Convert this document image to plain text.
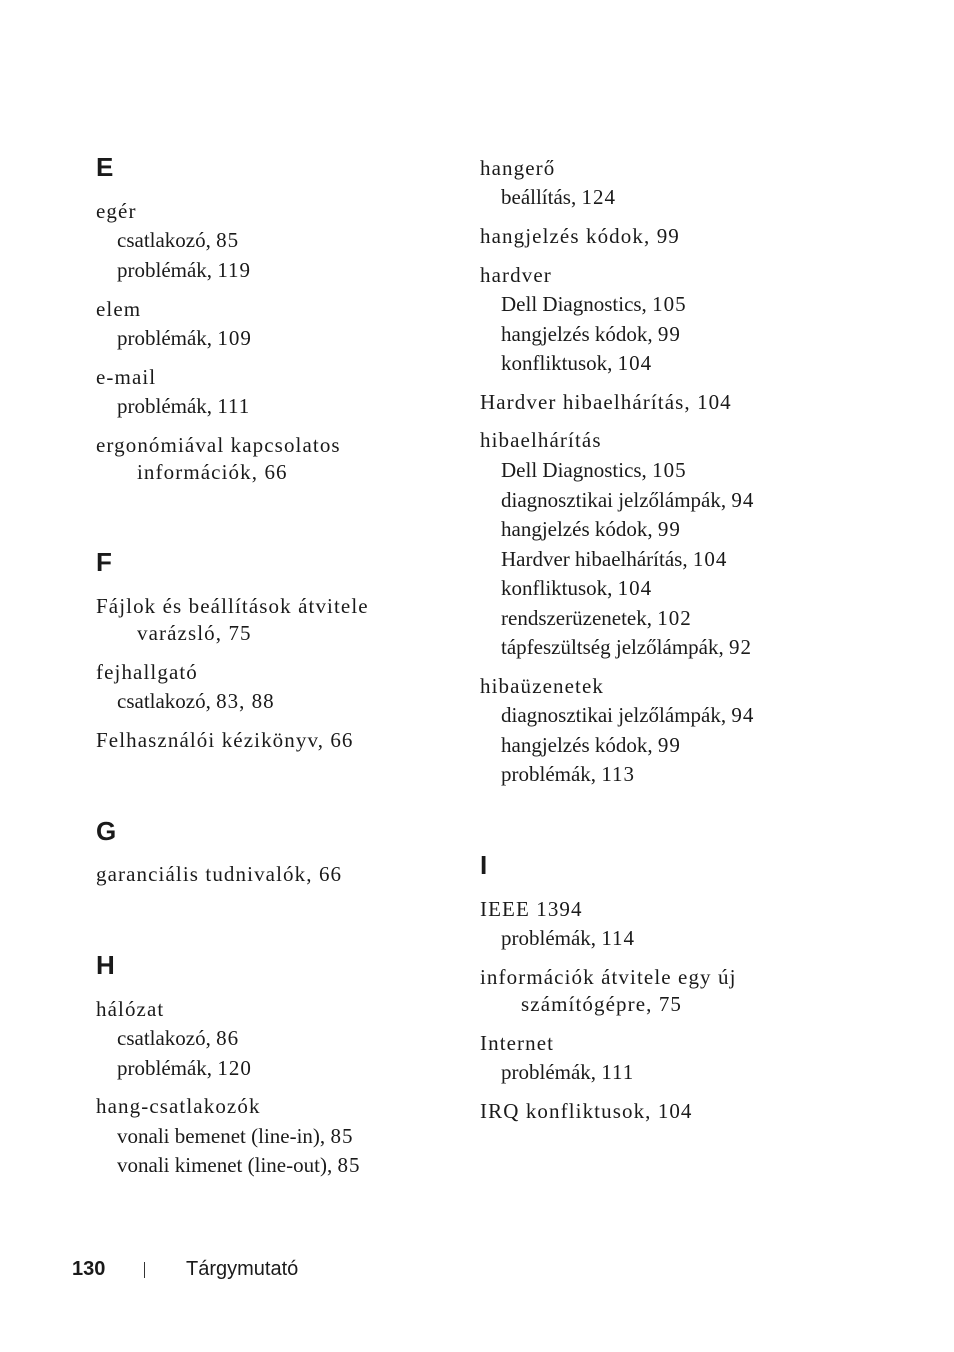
E
egér
csatlakozó, 85
problémák, 119
elem
problémák, 109
e-mail
problémák, 111
ergonómiával kapcsolatos
információk, 66
F
Fájlok és beállítások átvitele
varázsló, 75
fejhallgató
csatlakozó, 83, 88
Felhasználói kézikönyv, 66
G
garanciális tudnivalók, 66
H
hálózat
csatlakozó, 86
problémák, 120
hang-csatlakozók
vonali bemenet (line-in), 85
vonali kimenet (line-out), 85
hangerő
beállítás, 124
hangjelzés kódok, 99
hardver
Dell Diagnostics, 105
hangjelzés kódok, 99
konfliktusok, 104
Hardver hibaelhárítás, 104
hibaelhárítás
Dell Diagnostics, 105
diagnosztikai jelzőlámpák, 94
hangjelzés kódok, 99
Hardver hibaelhárítás, 104
konfliktusok, 104
rendszerüzenetek, 102
tápfeszültség jelzőlámpák, 92
hibaüzenetek
diagnosztikai jelzőlámpák, 94
hangjelzés kódok, 99
problémák, 113
I
IEEE 1394
problémák, 114
információk átvitele egy új
számítógépre, 75
Internet
problémák, 111
IRQ konfliktusok, 104
130	Tárgymutató
